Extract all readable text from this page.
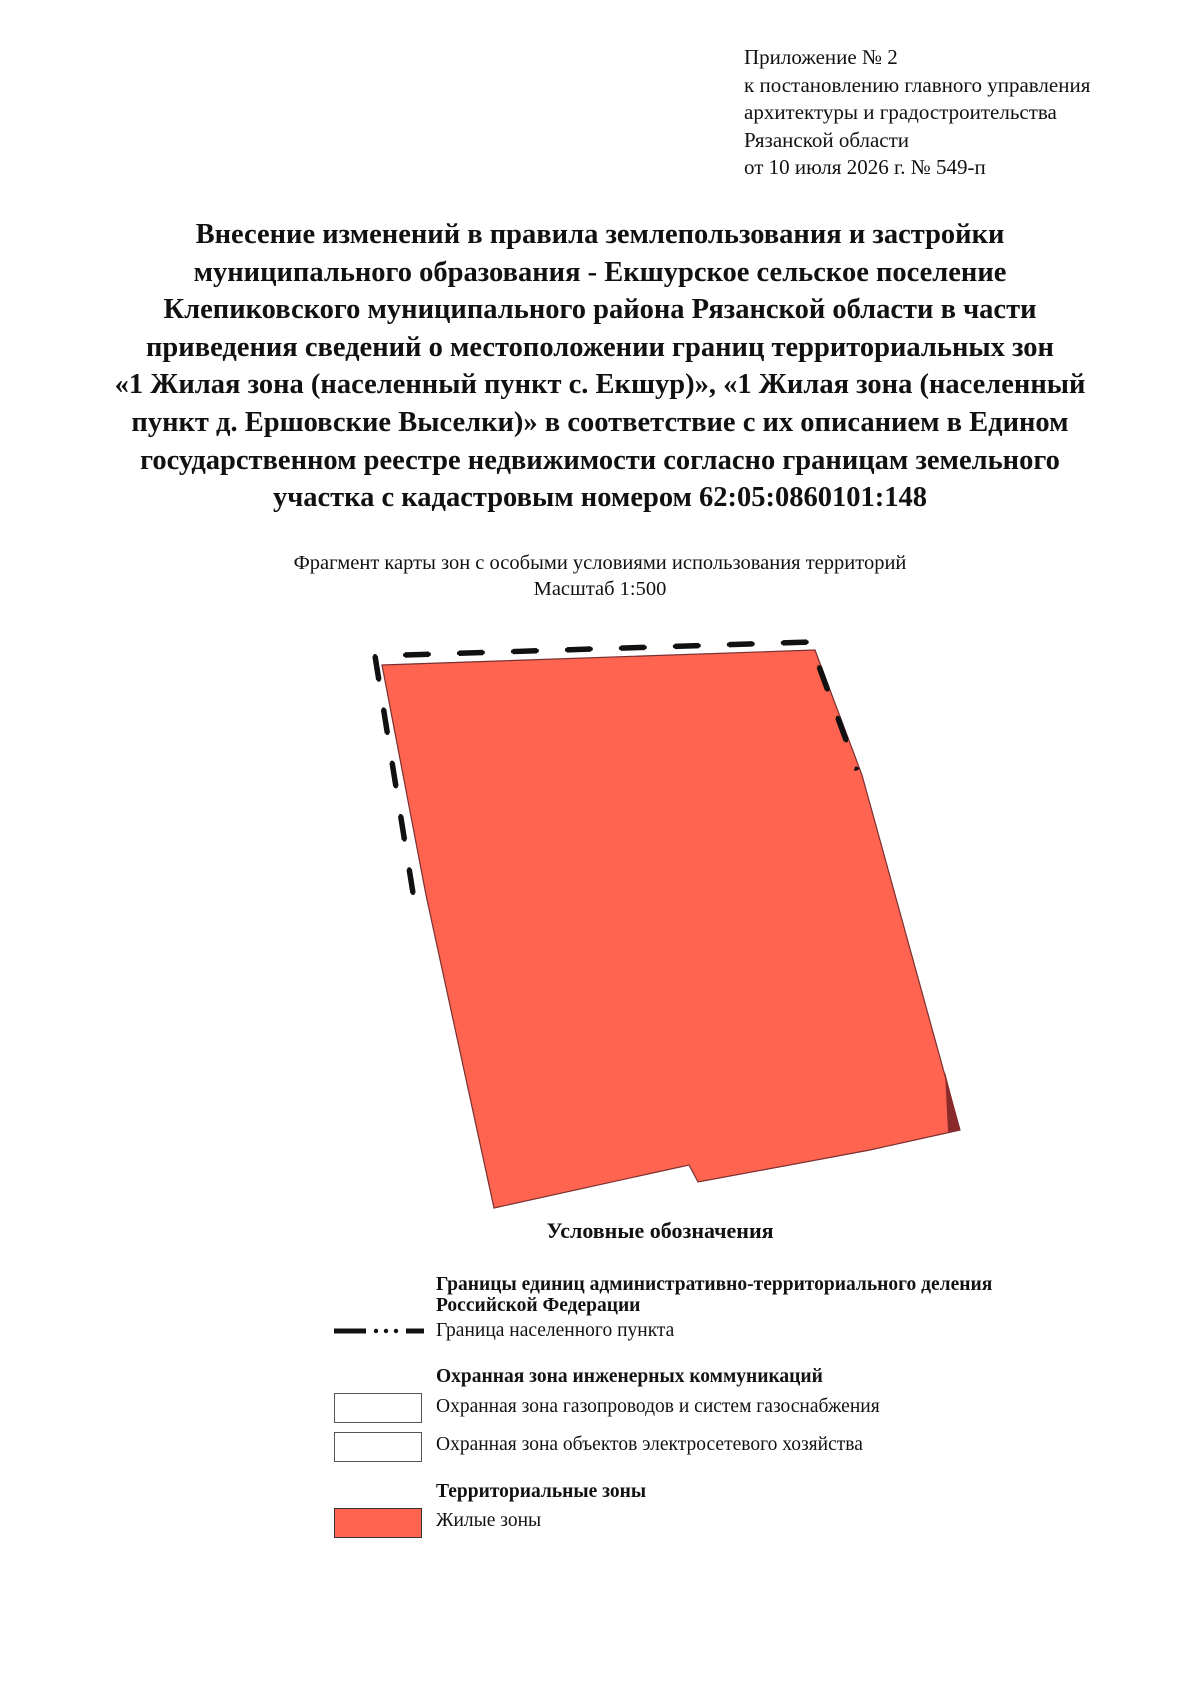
Приложение № 2
к постановлению главного управления
архитектуры и градостроительства
Рязанской области
от 10 июля 2026 г. № 549-п
Внесение изменений в правила землепользования и застройки
муниципального образования - Екшурское сельское поселение
Клепиковского муниципального района Рязанской области в части
приведения сведений о местоположении границ территориальных зон
«1 Жилая зона (населенный пункт с. Екшур)», «1 Жилая зона (населенный
пункт д. Ершовские Выселки)» в соответствие с их описанием в Едином
государственном реестре недвижимости согласно границам земельного
участка с кадастровым номером 62:05:0860101:148
Фрагмент карты зон с особыми условиями использования территорий
Масштаб 1:500
Условные обозначения
Границы единиц административно-территориального деления
Российской Федерации
Граница населенного пункта
Охранная зона инженерных коммуникаций
Охранная зона газопроводов и систем газоснабжения
Охранная зона объектов электросетевого хозяйства
Территориальные зоны
Жилые зоны
